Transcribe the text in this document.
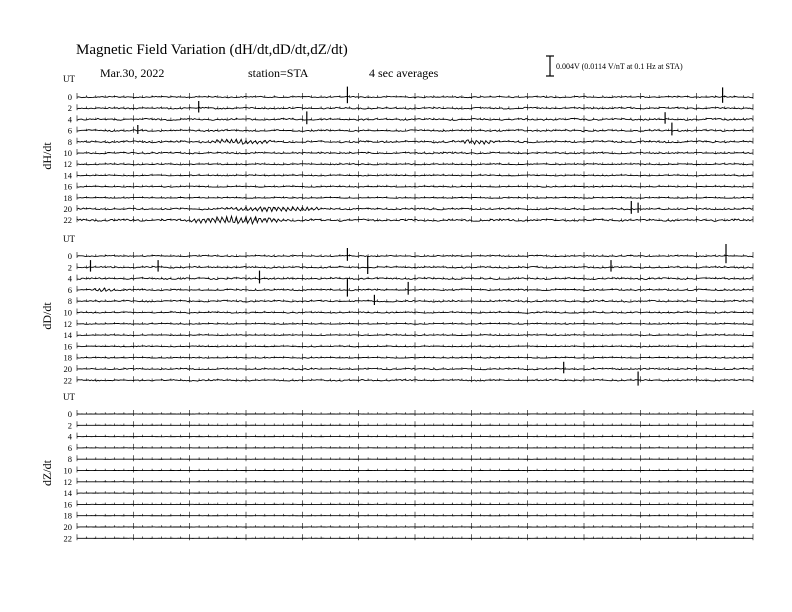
Magnetic Field Variation (dH/dt,dD/dt,dZ/dt)
Mar.30, 2022	station=STA	4 sec averages	0.004V (0.0114 V/nT at 0.1 Hz at STA)
UT
dH/dt
0
2
4
6
8
10
12
14
16
18
20
22
UT
dD/dt
0
2
4
6
8
10
12
14
16
18
20
22
UT
dZ/dt
0
2
4
6
8
10
12
14
16
18
20
22
